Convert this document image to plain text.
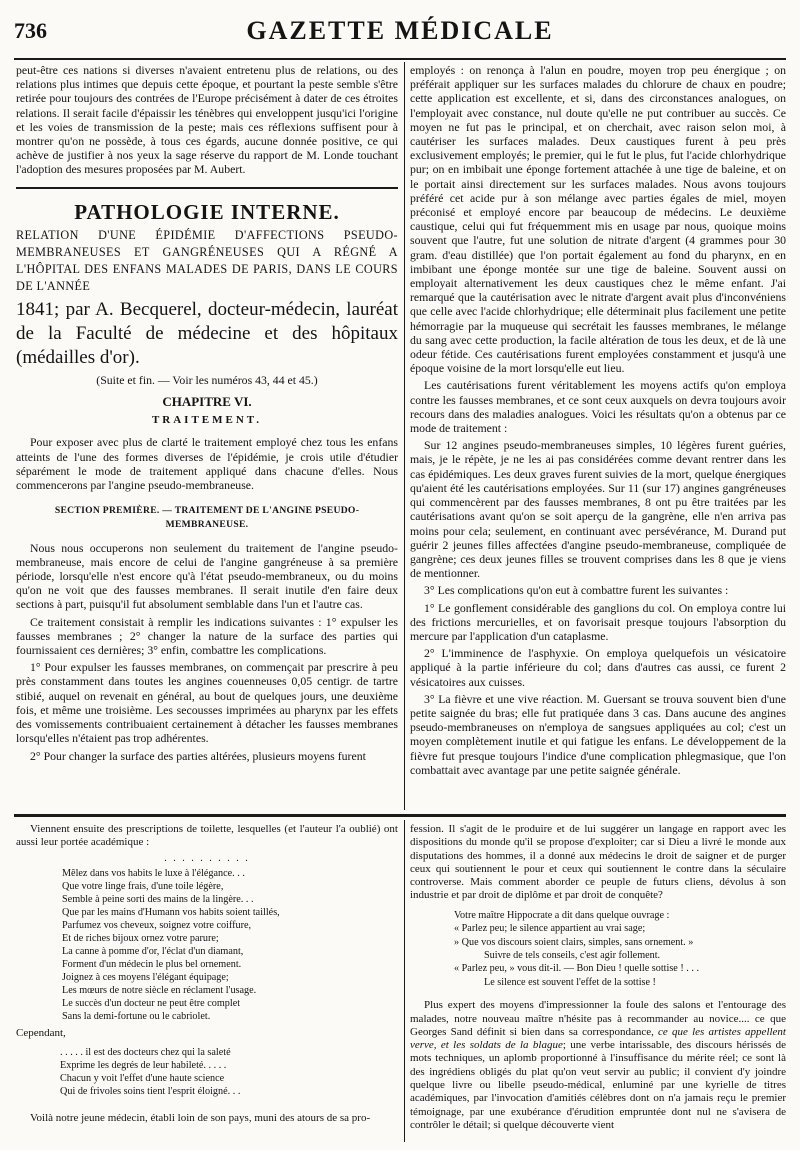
736	GAZETTE MÉDICALE

peut-être ces nations si diverses n'avaient entretenu plus de relations, ou des relations plus intimes que depuis cette époque, et pourtant la peste semble s'être retirée pour toujours des contrées de l'Europe précisément à dater de ces étroites relations. Il serait facile d'épaissir les ténèbres qui enveloppent jusqu'ici l'origine et les voies de transmission de la peste; mais ces réflexions suffisent pour à montrer qu'on ne possède, à tous ces égards, aucune donnée positive, ce qui achève de justifier à nos yeux la sage réserve du rapport de M. Londe touchant l'adoption des mesures proposées par M. Aubert.

PATHOLOGIE INTERNE.

RELATION D'UNE ÉPIDÉMIE D'AFFECTIONS PSEUDO-MEMBRANEUSES ET GANGRÉNEUSES QUI A RÉGNÉ A L'HÔPITAL DES ENFANS MALADES DE PARIS, DANS LE COURS DE L'ANNÉE

1841; par A. Becquerel, docteur-médecin, lauréat de la Faculté de médecine et des hôpitaux (médailles d'or).

(Suite et fin. — Voir les numéros 43, 44 et 45.)

CHAPITRE VI.
TRAITEMENT.

Pour exposer avec plus de clarté le traitement employé chez tous les enfans atteints de l'une des formes diverses de l'épidémie, je crois utile d'étudier séparément le mode de traitement appliqué dans chacune d'elles. Nous commencerons par l'angine pseudo-membraneuse.

SECTION PREMIÈRE. — TRAITEMENT DE L'ANGINE PSEUDO-MEMBRANEUSE.

Nous nous occuperons non seulement du traitement de l'angine pseudo-membraneuse, mais encore de celui de l'angine gangréneuse à sa première période, lorsqu'elle n'est encore qu'à l'état pseudo-membraneux, ou du moins qu'on ne voit que des fausses membranes. Il serait inutile d'en faire deux sections à part, puisqu'il fut absolument semblable dans l'un et l'autre cas.

Ce traitement consistait à remplir les indications suivantes : 1° expulser les fausses membranes ; 2° changer la nature de la surface des parties qui fournissaient ces dernières; 3° enfin, combattre les complications.

1° Pour expulser les fausses membranes, on commençait par prescrire à peu près constamment dans toutes les angines couenneuses 0,05 centigr. de tartre stibié, auquel on revenait en général, au bout de quelques jours, une deuxième fois, et même une troisième. Les secousses imprimées au pharynx par les effets des vomissements contribuaient certainement à détacher les fausses membranes lorsqu'elles n'étaient pas trop adhérentes.

2° Pour changer la surface des parties altérées, plusieurs moyens furent

employés : on renonça à l'alun en poudre, moyen trop peu énergique ; on préférait appliquer sur les surfaces malades du chlorure de chaux en poudre; cette application est excellente, et si, dans des circonstances analogues, on l'employait avec constance, nul doute qu'elle ne put contribuer au succès. Ce moyen ne fut pas le principal, et on cherchait, avec raison selon moi, à cautériser les surfaces malades. Deux caustiques furent à peu près exclusivement employés; le premier, qui le fut le plus, fut l'acide chlorhydrique pur; on en imbibait une éponge fortement attachée à une tige de baleine, et on le portait ainsi directement sur les surfaces malades. Nous avons toujours préféré cet acide pur à son mélange avec parties égales de miel, moyen préconisé et employé encore par beaucoup de médecins. Le deuxième caustique, celui qui fut fréquemment mis en usage par nous, quoique moins souvent que l'autre, fut une solution de nitrate d'argent (4 grammes pour 30 gram. d'eau distillée) que l'on portait également au fond du pharynx, en en imbibant une éponge montée sur une tige de baleine. Souvent aussi on employait alternativement les deux caustiques chez le même enfant. J'ai remarqué que la cautérisation avec le nitrate d'argent avait plus d'inconvéniens que celle avec l'acide chlorhydrique; elle déterminait plus facilement une petite hémorragie par la muqueuse qui secrétait les fausses membranes, le mélange du sang avec cette production, la facile altération de tous les deux, et de là une odeur fétide. Ces cautérisations furent employées constamment et jusqu'à une époque voisine de la mort lorsqu'elle eut lieu.

Les cautérisations furent véritablement les moyens actifs qu'on employa contre les fausses membranes, et ce sont ceux auxquels on devra toujours avoir recours dans des maladies analogues. Voici les résultats qu'on a obtenus par ce mode de traitement :

Sur 12 angines pseudo-membraneuses simples, 10 légères furent guéries, mais, je le répète, je ne les ai pas considérées comme devant rentrer dans les cas épidémiques. Les deux graves furent suivies de la mort, quelque énergiques qu'aient été les cautérisations employées. Sur 11 (sur 17) angines gangréneuses qui commencèrent par des fausses membranes, 8 ont pu être traitées par les cautérisations avant qu'on se soit aperçu de la gangrène, elle n'en arriva pas moins pour cela; seulement, en continuant avec persévérance, M. Durand put guérir 2 jeunes filles affectées d'angine pseudo-membraneuse, compliquée de gangrène; ces deux jeunes filles se trouvent comprises dans les 8 que je viens de mentionner.

3° Les complications qu'on eut à combattre furent les suivantes :

1° Le gonflement considérable des ganglions du col. On employa contre lui des frictions mercurielles, et on favorisait presque toujours l'absorption du mercure par l'application d'un cataplasme.

2° L'imminence de l'asphyxie. On employa quelquefois un vésicatoire appliqué à la partie inférieure du col; dans d'autres cas aussi, ce furent 2 vésicatoires aux cuisses.

3° La fièvre et une vive réaction. M. Guersant se trouva souvent bien d'une petite saignée du bras; elle fut pratiquée dans 3 cas. Dans aucune des angines pseudo-membraneuses on n'employa de sangsues appliquées au col; c'est un moyen complètement inutile et qui fatigue les enfans. Le développement de la fièvre fut presque toujours l'indice d'une complication phlegmasique, que l'on combattait avec avantage par une petite saignée générale.

Viennent ensuite des prescriptions de toilette, lesquelles (et l'auteur l'a oublié) ont aussi leur portée académique :

. . . . . . . . . .
Mêlez dans vos habits le luxe à l'élégance. . .
Que votre linge frais, d'une toile légère,
Semble à peine sorti des mains de la lingère. . .
Que par les mains d'Humann vos habits soient taillés,
Parfumez vos cheveux, soignez votre coiffure,
Et de riches bijoux ornez votre parure;
La canne à pomme d'or, l'éclat d'un diamant,
Forment d'un médecin le plus bel ornement.
Joignez à ces moyens l'élégant équipage;
Les mœurs de notre siècle en réclament l'usage.
Le succès d'un docteur ne peut être complet
Sans la demi-fortune ou le cabriolet.

Cependant,

. . . . . il est des docteurs chez qui la saleté
Exprime les degrés de leur habileté. . . . .
Chacun y voit l'effet d'une haute science
Qui de frivoles soins tient l'esprit éloigné. . .

Voilà notre jeune médecin, établi loin de son pays, muni des atours de sa pro-

fession. Il s'agit de le produire et de lui suggérer un langage en rapport avec les dispositions du monde qu'il se propose d'exploiter; car si Dieu a livré le monde aux disputations des hommes, il a donné aux médecins le droit de saigner et de purger ceux qui soutiennent le pour et ceux qui soutiennent le contre dans la séculaire controverse. Mais comment aborder ce peuple de futurs cliens, dévolus à son industrie et par droit de diplôme et par droit de conquête?

Votre maître Hippocrate a dit dans quelque ouvrage :
« Parlez peu; le silence appartient au vrai sage;
» Que vos discours soient clairs, simples, sans ornement. »
Suivre de tels conseils, c'est agir follement.
« Parlez peu, » vous dit-il. — Bon Dieu ! quelle sottise ! . . .
Le silence est souvent l'effet de la sottise !

Plus expert des moyens d'impressionner la foule des salons et l'entourage des malades, notre nouveau maître n'hésite pas à recommander au novice.... ce que Georges Sand définit si bien dans sa correspondance, ce que les artistes appellent verve, et les soldats de la blague; une verbe intarissable, des discours hérissés de mots techniques, un aplomb proportionné à l'insuffisance du mérite réel; ce sont là des ingrédiens obligés du plat qu'on veut servir au public; il convient d'y joindre quelque livre ou libelle pseudo-médical, enluminé par une kyrielle de titres académiques, par l'invocation d'amitiés célèbres dont on n'a jamais reçu le premier témoignage, par une exubérance d'érudition empruntée dont nul ne s'avisera de contrôler le détail; si quelque découverte vient
